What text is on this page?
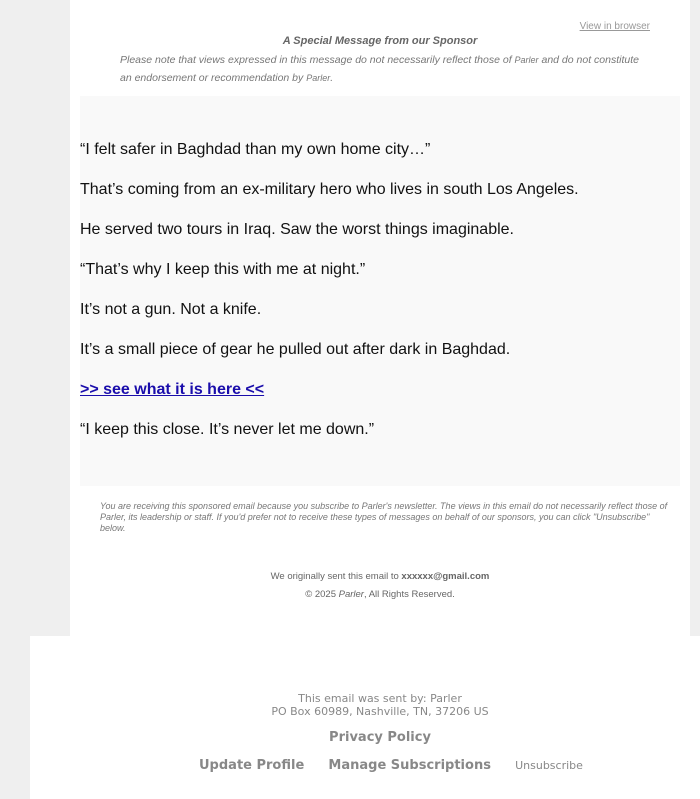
View in browser
A Special Message from our Sponsor
Please note that views expressed in this message do not necessarily reflect those of Parler and do not constitute an endorsement or recommendation by Parler.

“I felt safer in Baghdad than my own home city…”

That’s coming from an ex-military hero who lives in south Los Angeles.

He served two tours in Iraq. Saw the worst things imaginable.

“That’s why I keep this with me at night.”

It’s not a gun. Not a knife.

It’s a small piece of gear he pulled out after dark in Baghdad.

>> see what it is here <<

“I keep this close. It’s never let me down.”

You are receiving this sponsored email because you subscribe to Parler's newsletter. The views in this email do not necessarily reflect those of Parler, its leadership or staff. If you'd prefer not to receive these types of messages on behalf of our sponsors, you can click "Unsubscribe" below.
We originally sent this email to xxxxxx@gmail.com
© 2025 Parler, All Rights Reserved.
This email was sent by: Parler
PO Box 60989, Nashville, TN, 37206 US
Privacy Policy
Update Profile Manage Subscriptions Unsubscribe
